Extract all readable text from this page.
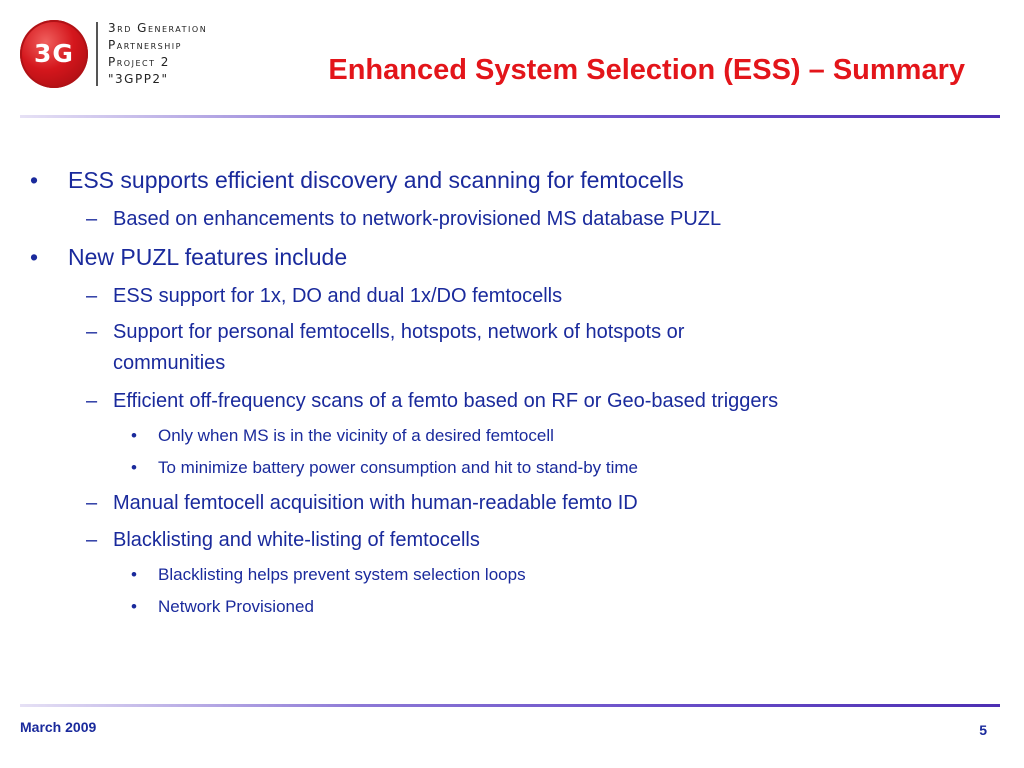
3G
3rd Generation
Partnership
Project 2
"3GPP2"	Enhanced System Selection (ESS) – Summary
• ESS supports efficient discovery and scanning for femtocells
– Based on enhancements to network-provisioned MS database PUZL
• New PUZL features include
– ESS support for 1x, DO and dual 1x/DO femtocells
– Support for personal femtocells, hotspots, network of hotspots or
communities
– Efficient off-frequency scans of a femto based on RF or Geo-based triggers
• Only when MS is in the vicinity of a desired femtocell
• To minimize battery power consumption and hit to stand-by time
– Manual femtocell acquisition with human-readable femto ID
– Blacklisting and white-listing of femtocells
• Blacklisting helps prevent system selection loops
• Network Provisioned
March 2009	5
